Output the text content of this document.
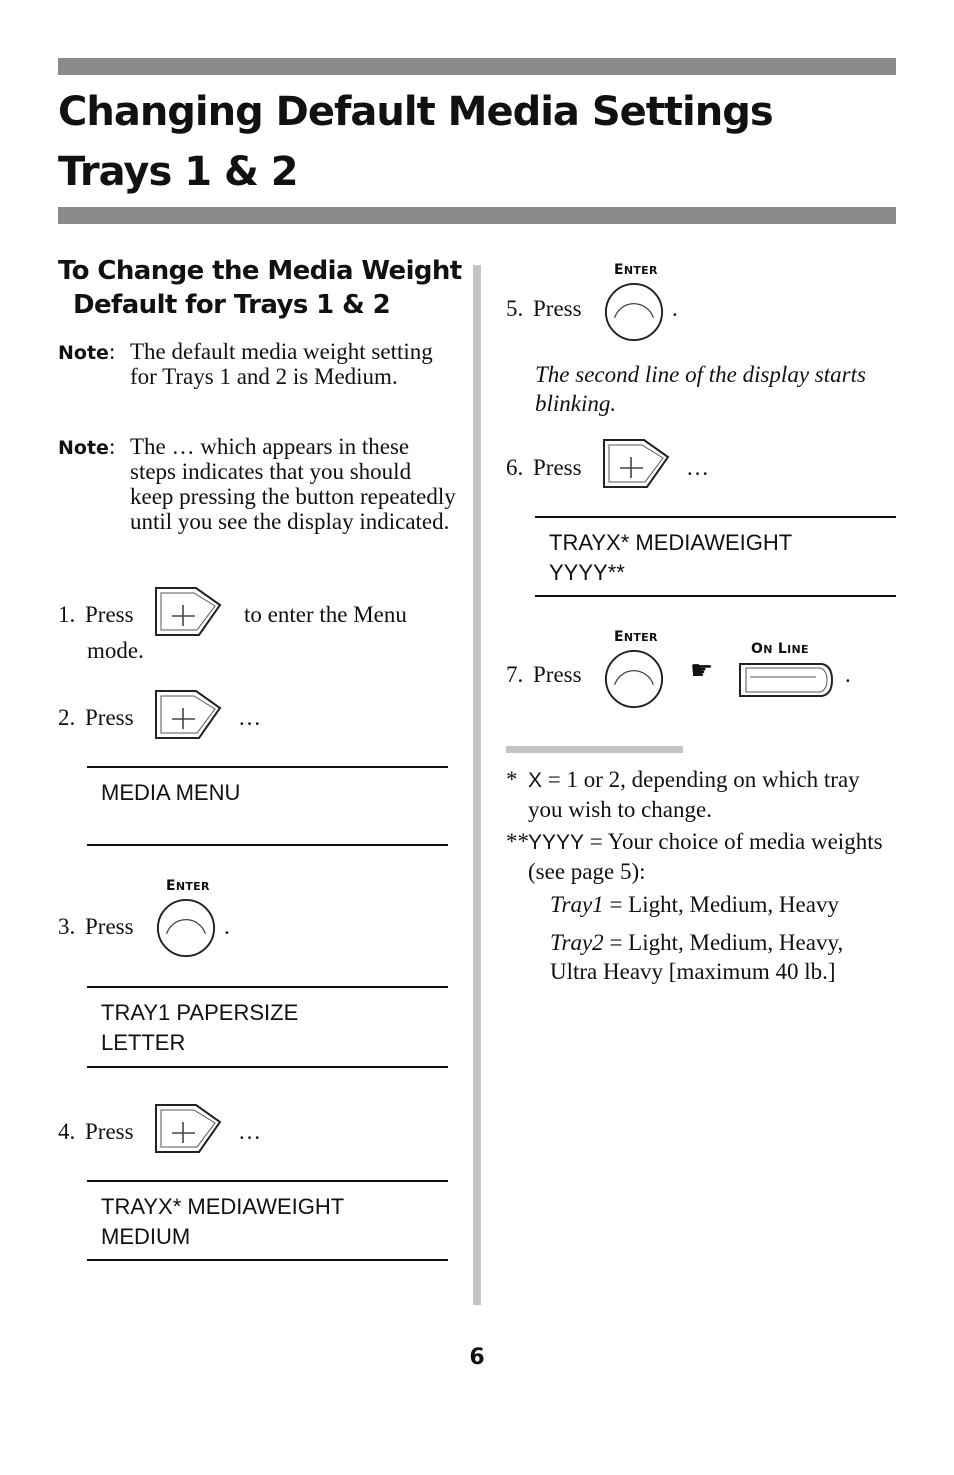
Changing Default Media Settings
Trays 1 & 2
To Change the Media Weight
Default for Trays 1 & 2
Note: The default media weight setting for Trays 1 and 2 is Medium.
Note: The … which appears in these steps indicates that you should keep pressing the button repeatedly until you see the display indicated.
1. Press	to enter the Menu
mode.
2. Press	…
MEDIA MENU
ENTER
3. Press	.
TRAY1 PAPERSIZE
LETTER
4. Press	…
TRAYX* MEDIAWEIGHT
MEDIUM
ENTER
5. Press	.
The second line of the display starts blinking.
6. Press	…
TRAYX* MEDIAWEIGHT
YYYY**
ENTER
ON LINE
7. Press	☛	.
* X = 1 or 2, depending on which tray you wish to change.
** YYYY = Your choice of media weights (see page 5):
Tray1 = Light, Medium, Heavy
Tray2 = Light, Medium, Heavy, Ultra Heavy [maximum 40 lb.]
6
